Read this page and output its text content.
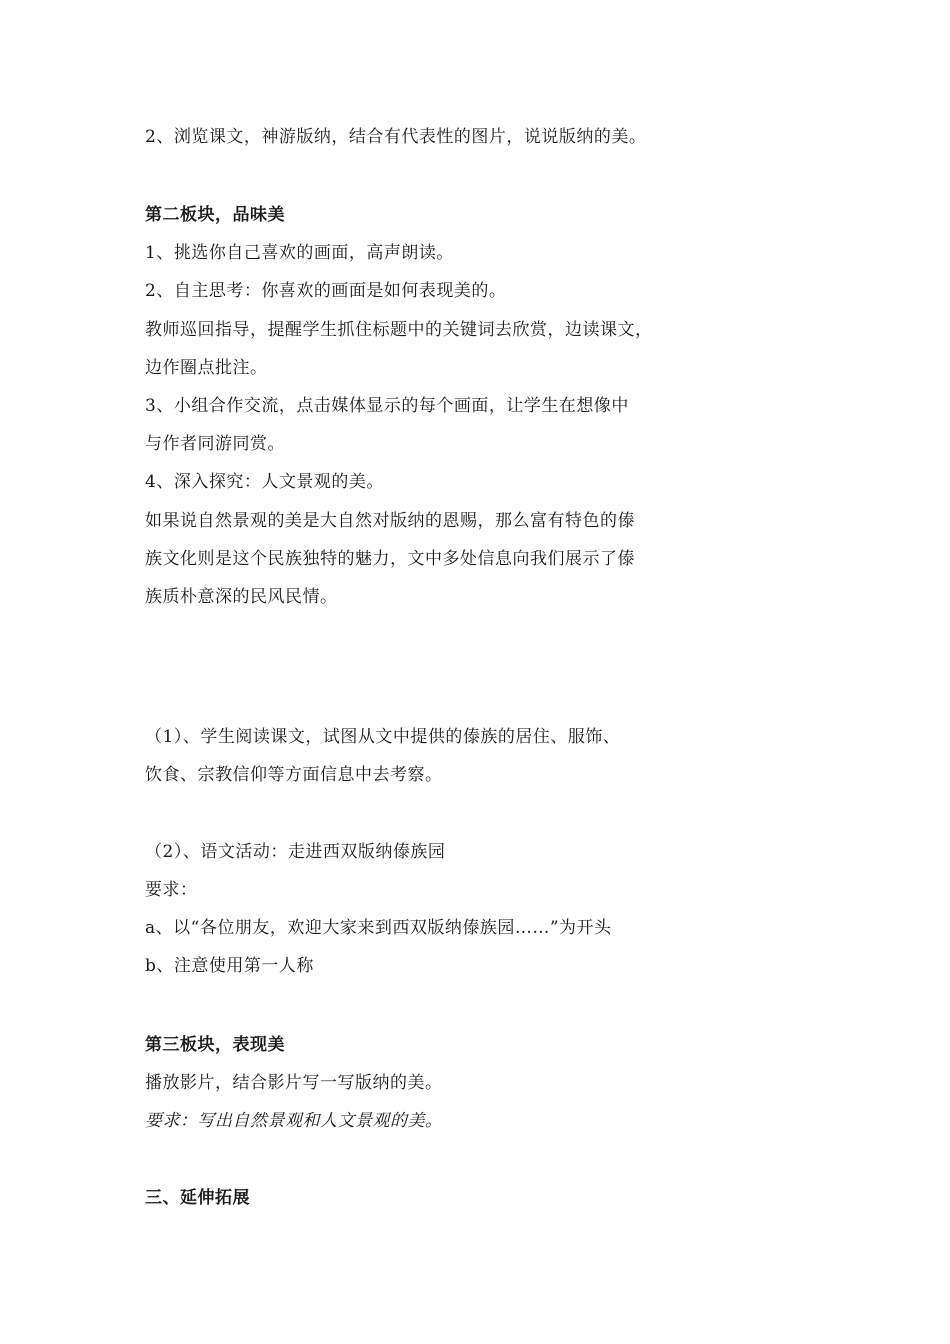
2、浏览课文，神游版纳，结合有代表性的图片，说说版纳的美。
第二板块，品味美
1、挑选你自己喜欢的画面，高声朗读。
2、自主思考：你喜欢的画面是如何表现美的。
教师巡回指导，提醒学生抓住标题中的关键词去欣赏，边读课文，
边作圈点批注。
3、小组合作交流，点击媒体显示的每个画面，让学生在想像中
与作者同游同赏。
4、深入探究：人文景观的美。
如果说自然景观的美是大自然对版纳的恩赐，那么富有特色的傣
族文化则是这个民族独特的魅力，文中多处信息向我们展示了傣
族质朴意深的民风民情。
（1）、学生阅读课文，试图从文中提供的傣族的居住、服饰、
饮食、宗教信仰等方面信息中去考察。
（2）、语文活动：走进西双版纳傣族园
要求：
a、以“各位朋友，欢迎大家来到西双版纳傣族园……”为开头
b、注意使用第一人称
第三板块，表现美
播放影片，结合影片写一写版纳的美。
要求：写出自然景观和人文景观的美。
三、延伸拓展
